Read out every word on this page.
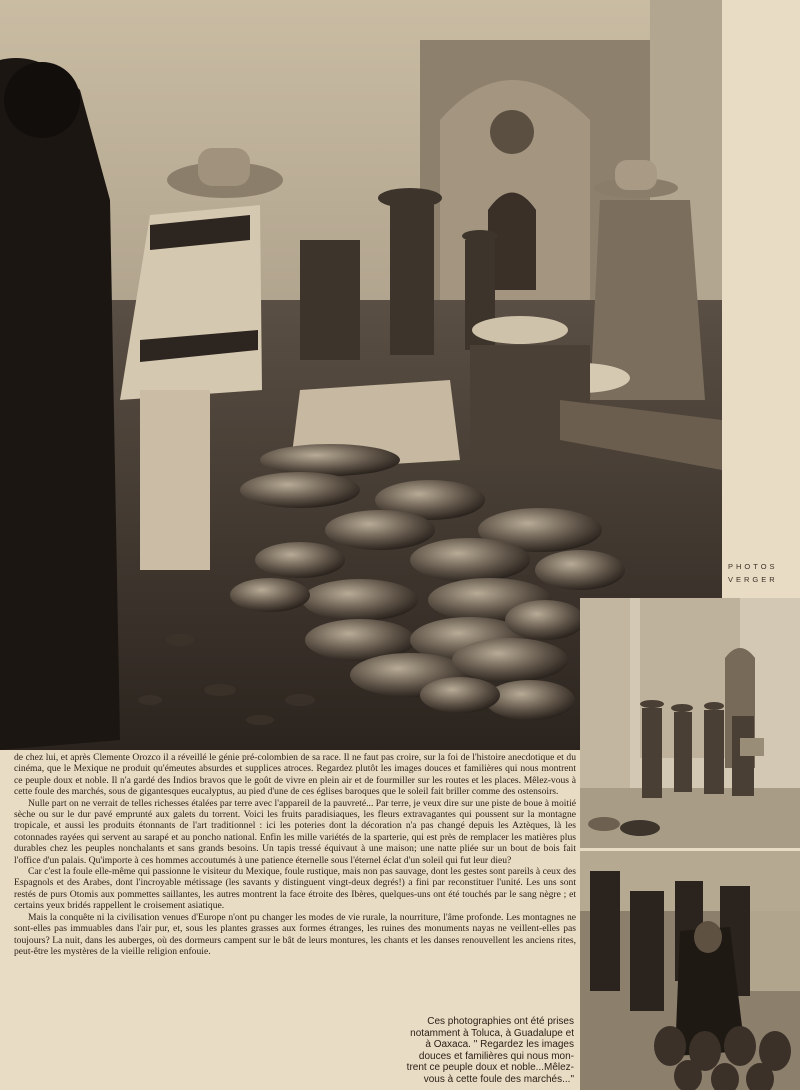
PHOTOS
VERGER

de chez lui, et après Clemente Orozco il a réveillé le génie pré-colombien de sa race. Il ne faut pas croire, sur la foi de l'histoire anecdotique et du cinéma, que le Mexique ne produit qu'émeutes absurdes et supplices atroces. Regardez plutôt les images douces et familières qui nous montrent ce peuple doux et noble. Il n'a gardé des Indios bravos que le goût de vivre en plein air et de fourmiller sur les routes et les places. Mêlez-vous à cette foule des marchés, sous de gigantesques eucalyptus, au pied d'une de ces églises baroques que le soleil fait briller comme des ostensoirs.

Nulle part on ne verrait de telles richesses étalées par terre avec l'appareil de la pauvreté... Par terre, je veux dire sur une piste de boue à moitié sèche ou sur le dur pavé emprunté aux galets du torrent. Voici les fruits paradisiaques, les fleurs extravagantes qui poussent sur la montagne tropicale, et aussi les produits étonnants de l'art traditionnel : ici les poteries dont la décoration n'a pas changé depuis les Aztèques, là les cotonnades rayées qui servent au sarapé et au poncho national. Enfin les mille variétés de la sparterie, qui est près de remplacer les matières plus durables chez les peuples nonchalants et sans grands besoins. Un tapis tressé équivaut à une maison; une natte pliée sur un bout de bois fait l'office d'un palais. Qu'importe à ces hommes accoutumés à une patience éternelle sous l'éternel éclat d'un soleil qui fut leur dieu?

Car c'est la foule elle-même qui passionne le visiteur du Mexique, foule rustique, mais non pas sauvage, dont les gestes sont pareils à ceux des Espagnols et des Arabes, dont l'incroyable métissage (les savants y distinguent vingt-deux degrés!) a fini par reconstituer l'unité. Les uns sont restés de purs Otomis aux pommettes saillantes, les autres montrent la face étroite des Ibères, quelques-uns ont été touchés par le sang nègre ; et certains yeux bridés rappellent le croisement asiatique.

Mais la conquête ni la civilisation venues d'Europe n'ont pu changer les modes de vie rurale, la nourriture, l'âme profonde. Les montagnes ne sont-elles pas immuables dans l'air pur, et, sous les plantes grasses aux formes étranges, les ruines des monuments nayas ne veillent-elles pas toujours? La nuit, dans les auberges, où des dormeurs campent sur le bât de leurs montures, les chants et les danses renouvellent les anciens rites, peut-être les mystères de la vieille religion enfouie.

Ces photographies ont été prises
notamment à Toluca, à Guadalupe et
à Oaxaca. " Regardez les images
douces et familières qui nous mon-
trent ce peuple doux et noble...Mêlez-
vous à cette foule des marchés..."
